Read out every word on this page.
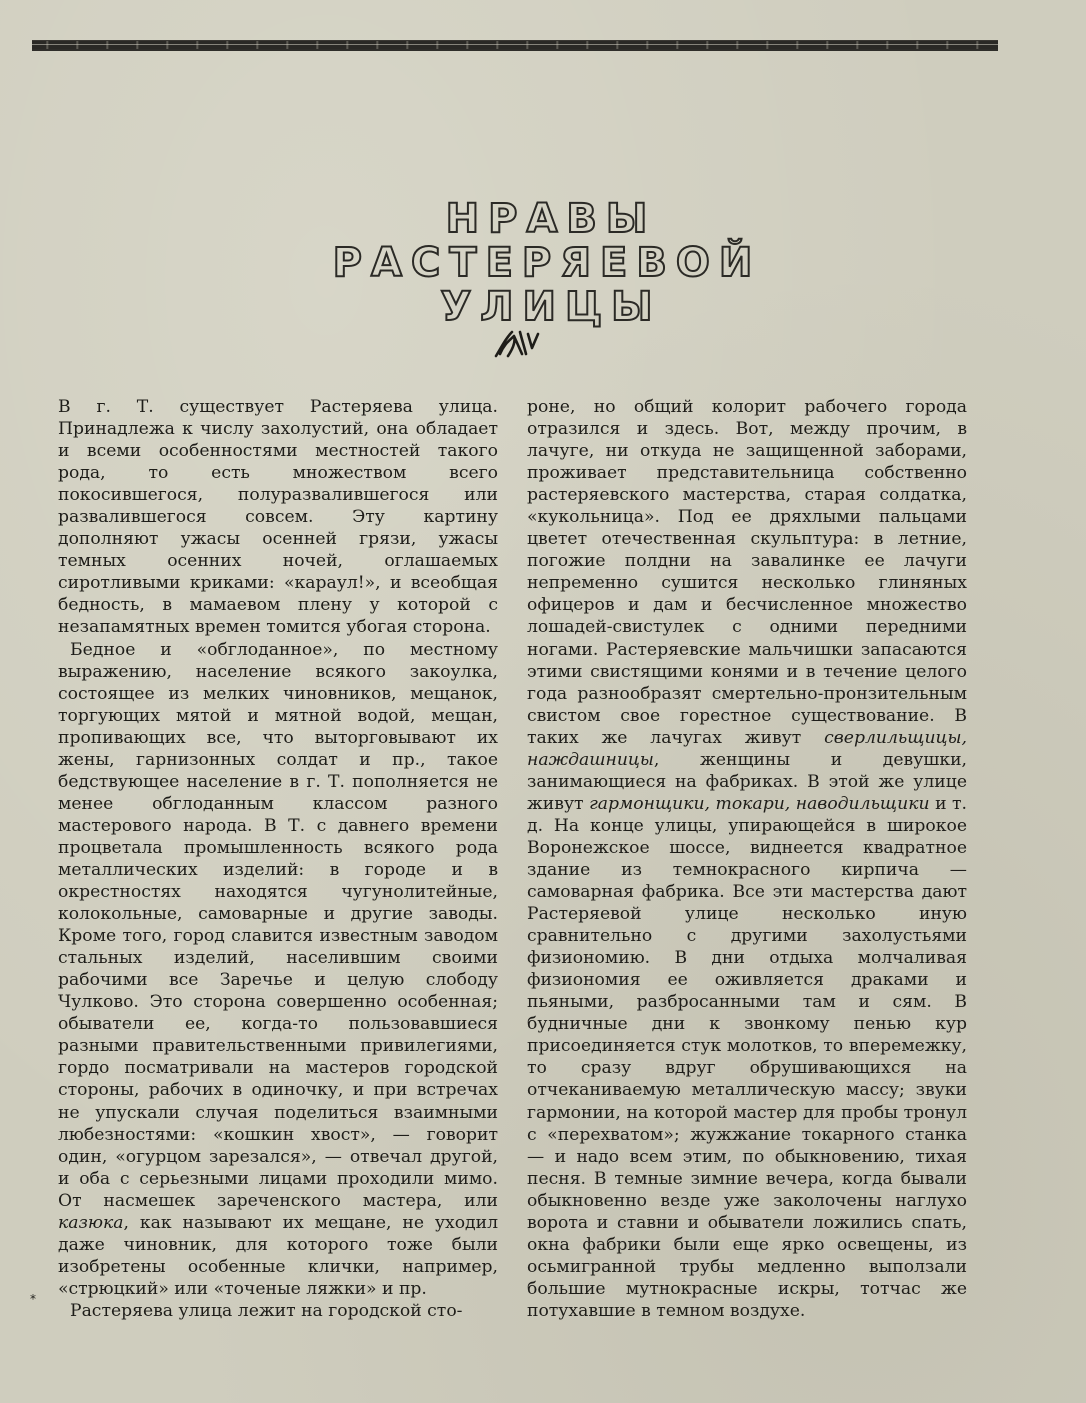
НРАВЫ
РАСТЕРЯЕВОЙ
УЛИЦЫ

В г. Т. существует Растеряева улица. Принадлежа к числу захолустий, она обладает и всеми особенностями местностей такого рода, то есть множеством всего покосившегося, полуразвалившегося или развалившегося совсем. Эту картину дополняют ужасы осенней грязи, ужасы темных осенних ночей, оглашаемых сиротливыми криками: «караул!», и всеобщая бедность, в мамаевом плену у которой с незапамятных времен томится убогая сторона.

Бедное и «обглоданное», по местному выражению, население всякого закоулка, состоящее из мелких чиновников, мещанок, торгующих мятой и мятной водой, мещан, пропивающих все, что выторговывают их жены, гарнизонных солдат и пр., такое бедствующее население в г. Т. пополняется не менее обглоданным классом разного мастерового народа. В Т. с давнего времени процветала промышленность всякого рода металлических изделий: в городе и в окрестностях находятся чугунолитейные, колокольные, самоварные и другие заводы. Кроме того, город славится известным заводом стальных изделий, населившим своими рабочими все Заречье и целую слободу Чулково. Это сторона совершенно особенная; обыватели ее, когда-то пользовавшиеся разными правительственными привилегиями, гордо посматривали на мастеров городской стороны, рабочих в одиночку, и при встречах не упускали случая поделиться взаимными любезностями: «кошкин хвост», — говорит один, «огурцом зарезался», — отвечал другой, и оба с серьезными лицами проходили мимо. От насмешек зареченского мастера, или казюка, как называют их мещане, не уходил даже чиновник, для которого тоже были изобретены особенные клички, например, «стрюцкий» или «точеные ляжки» и пр.

Растеряева улица лежит на городской сто-

роне, но общий колорит рабочего города отразился и здесь. Вот, между прочим, в лачуге, ни откуда не защищенной заборами, проживает представительница собственно растеряевского мастерства, старая солдатка, «кукольница». Под ее дряхлыми пальцами цветет отечественная скульптура: в летние, погожие полдни на завалинке ее лачуги непременно сушится несколько глиняных офицеров и дам и бесчисленное множество лошадей-свистулек с одними передними ногами. Растеряевские мальчишки запасаются этими свистящими конями и в течение целого года разнообразят смертельно-пронзительным свистом свое горестное существование. В таких же лачугах живут сверлильщицы, наждашницы, женщины и девушки, занимающиеся на фабриках. В этой же улице живут гармонщики, токари, наводильщики и т. д. На конце улицы, упирающейся в широкое Воронежское шоссе, виднеется квадратное здание из темнокрасного кирпича — самоварная фабрика. Все эти мастерства дают Растеряевой улице несколько иную сравнительно с другими захолустьями физиономию. В дни отдыха молчаливая физиономия ее оживляется драками и пьяными, разбросанными там и сям. В будничные дни к звонкому пенью кур присоединяется стук молотков, то вперемежку, то сразу вдруг обрушивающихся на отчеканиваемую металлическую массу; звуки гармонии, на которой мастер для пробы тронул с «перехватом»; жужжание токарного станка — и надо всем этим, по обыкновению, тихая песня. В темные зимние вечера, когда бывали обыкновенно везде уже заколочены наглухо ворота и ставни и обыватели ложились спать, окна фабрики были еще ярко освещены, из осьмигранной трубы медленно выползали большие мутнокрасные искры, тотчас же потухавшие в темном воздухе.

*
